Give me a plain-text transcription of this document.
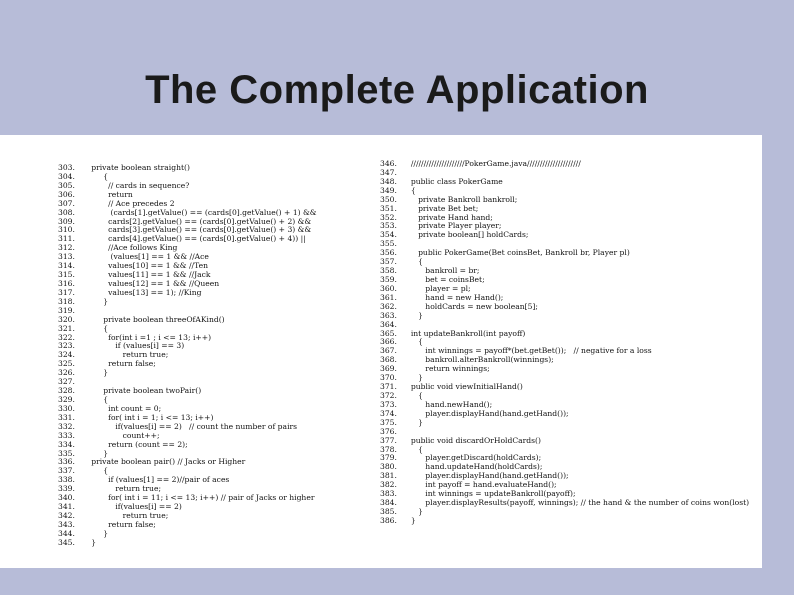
The Complete Application
303.   private boolean straight()
304.        {
305.          // cards in sequence?
306.          return
307.          // Ace precedes 2
308.           (cards[1].getValue() == (cards[0].getValue() + 1) &&
309.          cards[2].getValue() == (cards[0].getValue() + 2) &&
310.          cards[3].getValue() == (cards[0].getValue() + 3) &&
311.          cards[4].getValue() == (cards[0].getValue() + 4)) ||
312.          //Ace follows King
313.           (values[1] == 1 && //Ace
314.          values[10] == 1 && //Ten
315.          values[11] == 1 && //Jack
316.          values[12] == 1 && //Queen
317.          values[13] == 1); //King
318.        }
319.
320.        private boolean threeOfAKind()
321.        {
322.          for(int i =1 ; i <= 13; i++)
323.             if (values[i] == 3)
324.                return true;
325.          return false;
326.        }
327.
328.        private boolean twoPair()
329.        {
330.          int count = 0;
331.          for( int i = 1; i <= 13; i++)
332.             if(values[i] == 2)   // count the number of pairs
333.                count++;
334.          return (count == 2);
335.        }
336.   private boolean pair() // Jacks or Higher
337.        {
338.          if (values[1] == 2)//pair of aces
339.             return true;
340.          for( int i = 11; i <= 13; i++) // pair of Jacks or higher
341.             if(values[i] == 2)
342.                return true;
343.          return false;
344.        }
345.   }
346.  /////////////////////PokerGame.java/////////////////////
347.
348.  public class PokerGame
349.  {
350.     private Bankroll bankroll;
351.     private Bet bet;
352.     private Hand hand;
353.     private Player player;
354.     private boolean[] holdCards;
355.
356.     public PokerGame(Bet coinsBet, Bankroll br, Player pl)
357.     {
358.        bankroll = br;
359.        bet = coinsBet;
360.        player = pl;
361.        hand = new Hand();
362.        holdCards = new boolean[5];
363.     }
364.
365.  int updateBankroll(int payoff)
366.     {
367.        int winnings = payoff*(bet.getBet());   // negative for a loss
368.        bankroll.alterBankroll(winnings);
369.        return winnings;
370.     }
371.  public void viewInitialHand()
372.     {
373.        hand.newHand();
374.        player.displayHand(hand.getHand());
375.     }
376.
377.  public void discardOrHoldCards()
378.     {
379.        player.getDiscard(holdCards);
380.        hand.updateHand(holdCards);
381.        player.displayHand(hand.getHand());
382.        int payoff = hand.evaluateHand();
383.        int winnings = updateBankroll(payoff);
384.        player.displayResults(payoff, winnings); // the hand & the number of coins won(lost)
385.     }
386.  }
